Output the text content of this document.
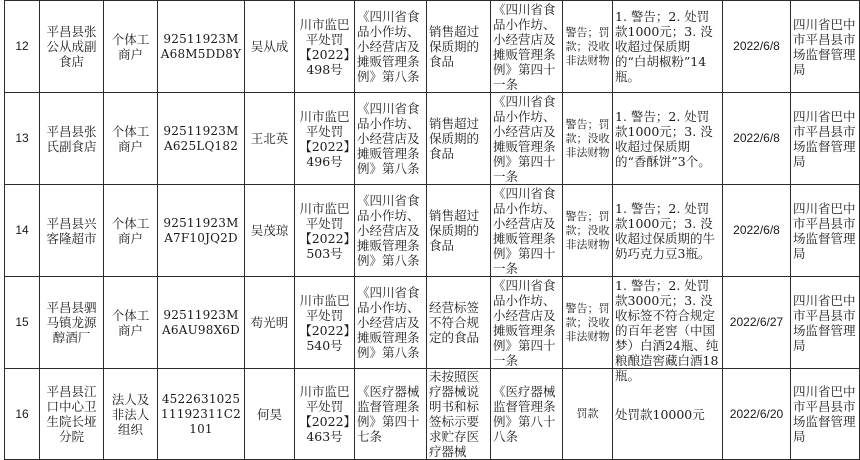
12	平昌县张公从成副食店	个体工商户	92511923MA68M5DD8Y	吴从成	川市监巴平处罚【2022】498号	《四川省食品小作坊、小经营店及摊贩管理条例》第八条	销售超过保质期的食品	《四川省食品小作坊、小经营店及摊贩管理条例》第四十一条	警告；罚款；没收非法财物	1. 警告；2. 处罚款1000元；3. 没收超过保质期的“白胡椒粉”14瓶。	2022/6/8	四川省巴中市平昌县市场监督管理局

13	平昌县张氏副食店	个体工商户	92511923MA625LQ182	王北英	川市监巴平处罚【2022】496号	《四川省食品小作坊、小经营店及摊贩管理条例》第八条	销售超过保质期的食品	《四川省食品小作坊、小经营店及摊贩管理条例》第四十一条	警告；罚款；没收非法财物	1. 警告；2. 处罚款1000元；3. 没收超过保质期的“香酥饼”3个。	2022/6/8	四川省巴中市平昌县市场监督管理局

14	平昌县兴客隆超市	个体工商户	92511923MA7F10JQ2D	吴茂琼	川市监巴平处罚【2022】503号	《四川省食品小作坊、小经营店及摊贩管理条例》第八条	销售超过保质期的食品	《四川省食品小作坊、小经营店及摊贩管理条例》第四十一条	警告；罚款；没收非法财物	1. 警告；2. 处罚款1000元；3. 没收超过保质期的牛奶巧克力豆3瓶。	2022/6/8	四川省巴中市平昌县市场监督管理局

15	平昌县驷马镇龙源醇酒厂	个体工商户	92511923MA6AU98X6D	苟光明	川市监巴平处罚【2022】540号	《四川省食品小作坊、小经营店及摊贩管理条例》第八条	经营标签不符合规定的食品	《四川省食品小作坊、小经营店及摊贩管理条例》第四十一条	警告；罚款；没收非法财物	1. 警告；2. 处罚款3000元；3. 没收标签不符合规定的百年老窖（中国梦）白酒24瓶、纯粮酿造窖藏白酒18瓶。	2022/6/27	四川省巴中市平昌县市场监督管理局

16	平昌县江口中心卫生院长垭分院	法人及非法人组织	452263102511192311C2101	何昊	川市监巴平处罚【2022】463号	《医疗器械监督管理条例》第四十七条	未按照医疗器械说明书和标签标示要求贮存医疗器械	《医疗器械监督管理条例》第八十八条	罚款	处罚款10000元	2022/6/20	四川省巴中市平昌县市场监督管理局
